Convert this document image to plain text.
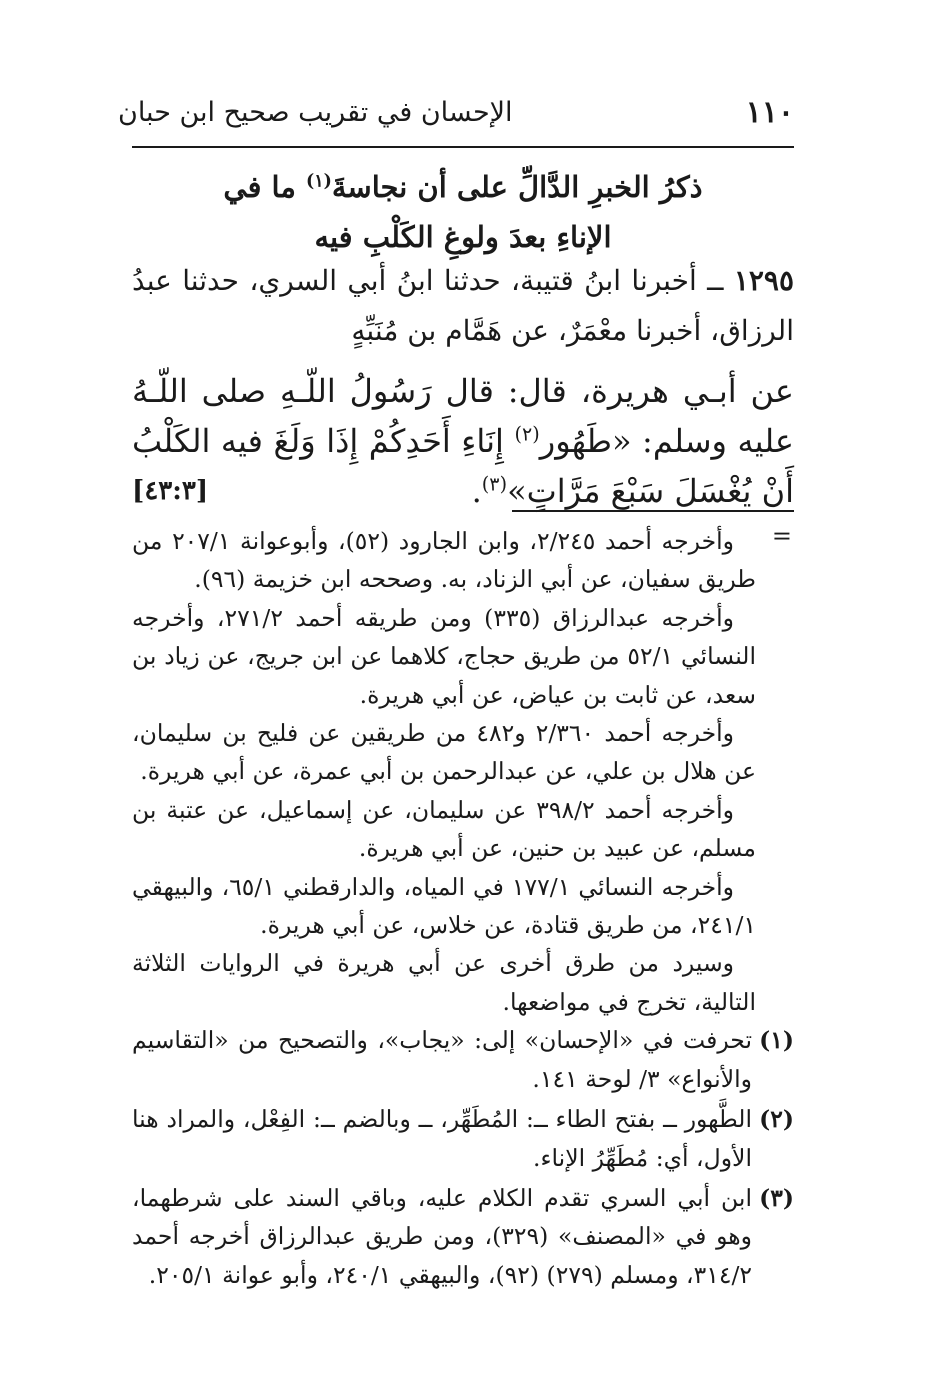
١١٠
الإحسان في تقريب صحيح ابن حبان
ذكرُ الخبرِ الدَّالِّ على أن نجاسةَ$^{(١)}$ ما في
الإناءِ بعدَ ولوغِ الكَلْبِ فيه

١٢٩٥ ــ أخبرنا ابنُ قتيبة، حدثنا ابنُ أبي السري، حدثنا عبدُ الرزاق، أخبرنا معْمَرٌ، عن هَمَّام بن مُنَبِّهٍ

عن أبـي هريرة، قال: قال رَسُولُ اللّـهِ صلى اللّـهُ عليه وسلم: «طَهُور$^{(٢)}$ إِنَاءِ أَحَدِكُمْ إِذَا وَلَغَ فيه الكَلْبُ أَنْ يُغْسَلَ سَبْعَ مَرَّاتٍ»$^{(٣)}$.
[٤٣:٣]

=

وأخرجه أحمد ٢/٢٤٥، وابن الجارود (٥٢)، وأبوعوانة ٢٠٧/١ من طريق سفيان، عن أبي الزناد، به. وصححه ابن خزيمة (٩٦).

وأخرجه عبدالرزاق (٣٣٥) ومن طريقه أحمد ٢٧١/٢، وأخرجه النسائي ٥٢/١ من طريق حجاج، كلاهما عن ابن جريج، عن زياد بن سعد، عن ثابت بن عياض، عن أبي هريرة.

وأخرجه أحمد ٢/٣٦٠ و٤٨٢ من طريقين عن فليح بن سليمان، عن هلال بن علي، عن عبدالرحمن بن أبي عمرة، عن أبي هريرة.

وأخرجه أحمد ٣٩٨/٢ عن سليمان، عن إسماعيل، عن عتبة بن مسلم، عن عبيد بن حنين، عن أبي هريرة.

وأخرجه النسائي ١٧٧/١ في المياه، والدارقطني ٦٥/١، والبيهقي ٢٤١/١، من طريق قتادة، عن خلاس، عن أبي هريرة.

وسيرد من طرق أخرى عن أبي هريرة في الروايات الثلاثة التالية، تخرج في مواضعها.

(١)
تحرفت في «الإحسان» إلى: «يجاب»، والتصحيح من «التقاسيم والأنواع» ٣/ لوحة ١٤١.
(٢)
الطَّهور ــ بفتح الطاء ــ: المُطَهِّر، ــ وبالضم ــ: الفِعْل، والمراد هنا الأول، أي: مُطَهِّرُ الإناء.
(٣)
ابن أبي السري تقدم الكلام عليه، وباقي السند على شرطهما، وهو في «المصنف» (٣٢٩)، ومن طريق عبدالرزاق أخرجه أحمد ٣١٤/٢، ومسلم (٢٧٩) (٩٢)، والبيهقي ٢٤٠/١، وأبو عوانة ٢٠٥/١.
